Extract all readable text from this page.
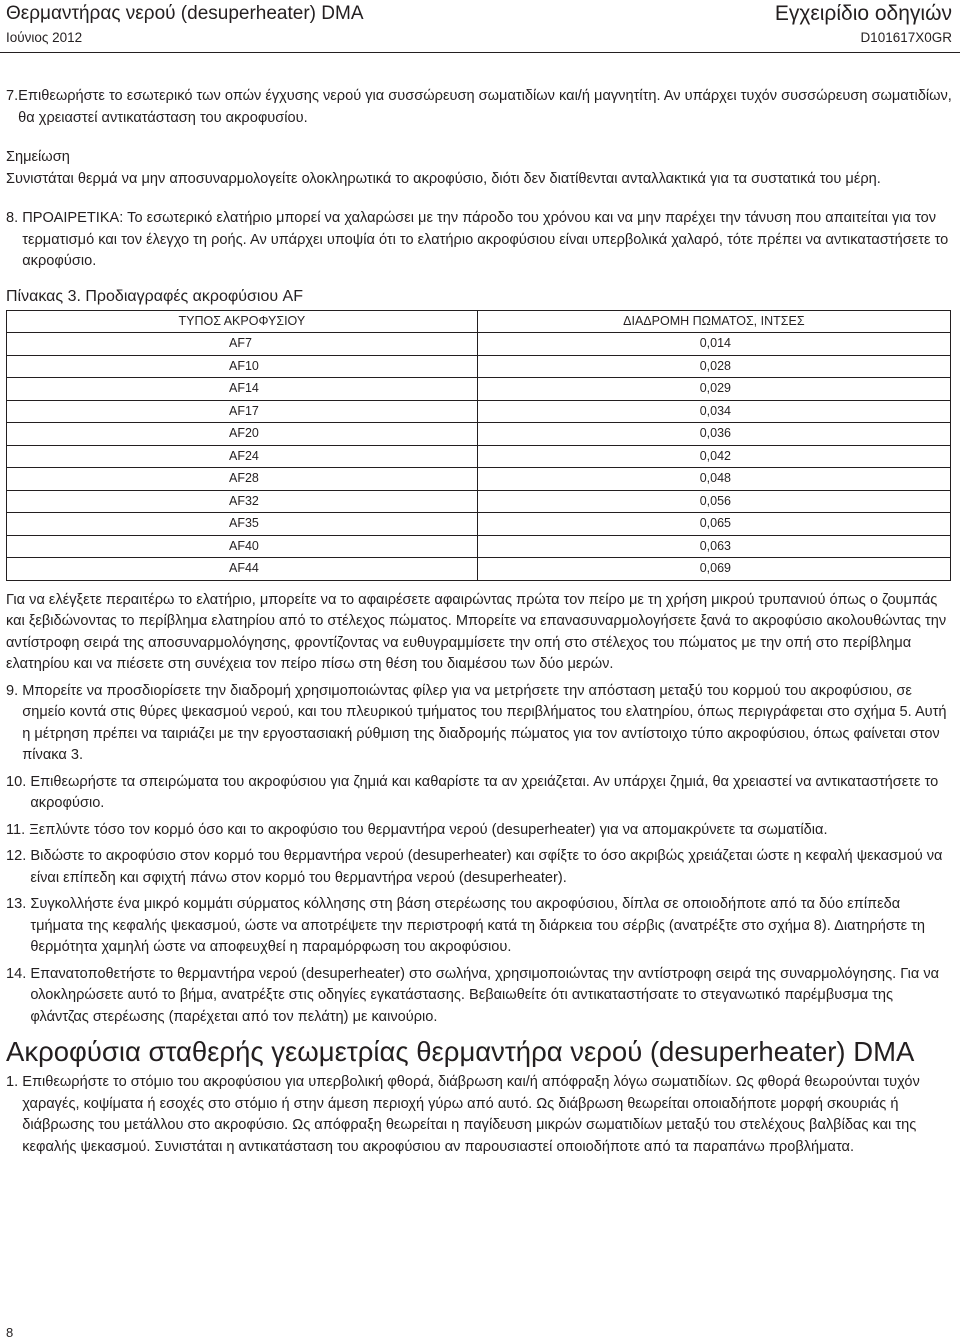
Θερμαντήρας νερού (desuperheater) DMA
Ιούνιος 2012
Εγχειρίδιο οδηγιών
D101617X0GR
7. Επιθεωρήστε το εσωτερικό των οπών έγχυσης νερού για συσσώρευση σωματιδίων και/ή μαγνητίτη. Αν υπάρχει τυχόν συσσώρευση σωματιδίων, θα χρειαστεί αντικατάσταση του ακροφυσίου.

Σημείωση

Συνιστάται θερμά να μην αποσυναρμολογείτε ολοκληρωτικά το ακροφύσιο, διότι δεν διατίθενται ανταλλακτικά για τα συστατικά του μέρη.

8. ΠΡΟΑΙΡΕΤΙΚΑ: Το εσωτερικό ελατήριο μπορεί να χαλαρώσει με την πάροδο του χρόνου και να μην παρέχει την τάνυση που απαιτείται για τον τερματισμό και τον έλεγχο τη ροής. Αν υπάρχει υποψία ότι το ελατήριο ακροφύσιου είναι υπερβολικά χαλαρό, τότε πρέπει να αντικαταστήσετε το ακροφύσιο.

Πίνακας 3. Προδιαγραφές ακροφύσιου AF

ΤΥΠΟΣ ΑΚΡΟΦΥΣΙΟΥ	ΔΙΑΔΡΟΜΗ ΠΩΜΑΤΟΣ, ΙΝΤΣΕΣ
AF7	0,014
AF10	0,028
AF14	0,029
AF17	0,034
AF20	0,036
AF24	0,042
AF28	0,048
AF32	0,056
AF35	0,065
AF40	0,063
AF44	0,069

Για να ελέγξετε περαιτέρω το ελατήριο, μπορείτε να το αφαιρέσετε αφαιρώντας πρώτα τον πείρο με τη χρήση μικρού τρυπανιού όπως ο ζουμπάς και ξεβιδώνοντας το περίβλημα ελατηρίου από το στέλεχος πώματος. Μπορείτε να επανασυναρμολογήσετε ξανά το ακροφύσιο ακολουθώντας την αντίστροφη σειρά της αποσυναρμολόγησης, φροντίζοντας να ευθυγραμμίσετε την οπή στο στέλεχος του πώματος με την οπή στο περίβλημα ελατηρίου και να πιέσετε στη συνέχεια τον πείρο πίσω στη θέση του διαμέσου των δύο μερών.

9. Μπορείτε να προσδιορίσετε την διαδρομή χρησιμοποιώντας φίλερ για να μετρήσετε την απόσταση μεταξύ του κορμού του ακροφύσιου, σε σημείο κοντά στις θύρες ψεκασμού νερού, και του πλευρικού τμήματος του περιβλήματος του ελατηρίου, όπως περιγράφεται στο σχήμα 5. Αυτή η μέτρηση πρέπει να ταιριάζει με την εργοστασιακή ρύθμιση της διαδρομής πώματος για τον αντίστοιχο τύπο ακροφύσιου, όπως φαίνεται στον πίνακα 3.
10. Επιθεωρήστε τα σπειρώματα του ακροφύσιου για ζημιά και καθαρίστε τα αν χρειάζεται. Αν υπάρχει ζημιά, θα χρειαστεί να αντικαταστήσετε το ακροφύσιο.
11. Ξεπλύντε τόσο τον κορμό όσο και το ακροφύσιο του θερμαντήρα νερού (desuperheater) για να απομακρύνετε τα σωματίδια.
12. Βιδώστε το ακροφύσιο στον κορμό του θερμαντήρα νερού (desuperheater) και σφίξτε το όσο ακριβώς χρειάζεται ώστε η κεφαλή ψεκασμού να είναι επίπεδη και σφιχτή πάνω στον κορμό του θερμαντήρα νερού (desuperheater).
13. Συγκολλήστε ένα μικρό κομμάτι σύρματος κόλλησης στη βάση στερέωσης του ακροφύσιου, δίπλα σε οποιοδήποτε από τα δύο επίπεδα τμήματα της κεφαλής ψεκασμού, ώστε να αποτρέψετε την περιστροφή κατά τη διάρκεια του σέρβις (ανατρέξτε στο σχήμα 8). Διατηρήστε τη θερμότητα χαμηλή ώστε να αποφευχθεί η παραμόρφωση του ακροφύσιου.
14. Επανατοποθετήστε το θερμαντήρα νερού (desuperheater) στο σωλήνα, χρησιμοποιώντας την αντίστροφη σειρά της συναρμολόγησης. Για να ολοκληρώσετε αυτό το βήμα, ανατρέξτε στις οδηγίες εγκατάστασης. Βεβαιωθείτε ότι αντικαταστήσατε το στεγανωτικό παρέμβυσμα της φλάντζας στερέωσης (παρέχεται από τον πελάτη) με καινούριο.
Ακροφύσια σταθερής γεωμετρίας θερμαντήρα νερού (desuperheater) DMA
1. Επιθεωρήστε το στόμιο του ακροφύσιου για υπερβολική φθορά, διάβρωση και/ή απόφραξη λόγω σωματιδίων. Ως φθορά θεωρούνται τυχόν χαραγές, κοψίματα ή εσοχές στο στόμιο ή στην άμεση περιοχή γύρω από αυτό. Ως διάβρωση θεωρείται οποιαδήποτε μορφή σκουριάς ή διάβρωσης του μετάλλου στο ακροφύσιο. Ως απόφραξη θεωρείται η παγίδευση μικρών σωματιδίων μεταξύ του στελέχους βαλβίδας και της κεφαλής ψεκασμού. Συνιστάται η αντικατάσταση του ακροφύσιου αν παρουσιαστεί οποιοδήποτε από τα παραπάνω προβλήματα.
8
